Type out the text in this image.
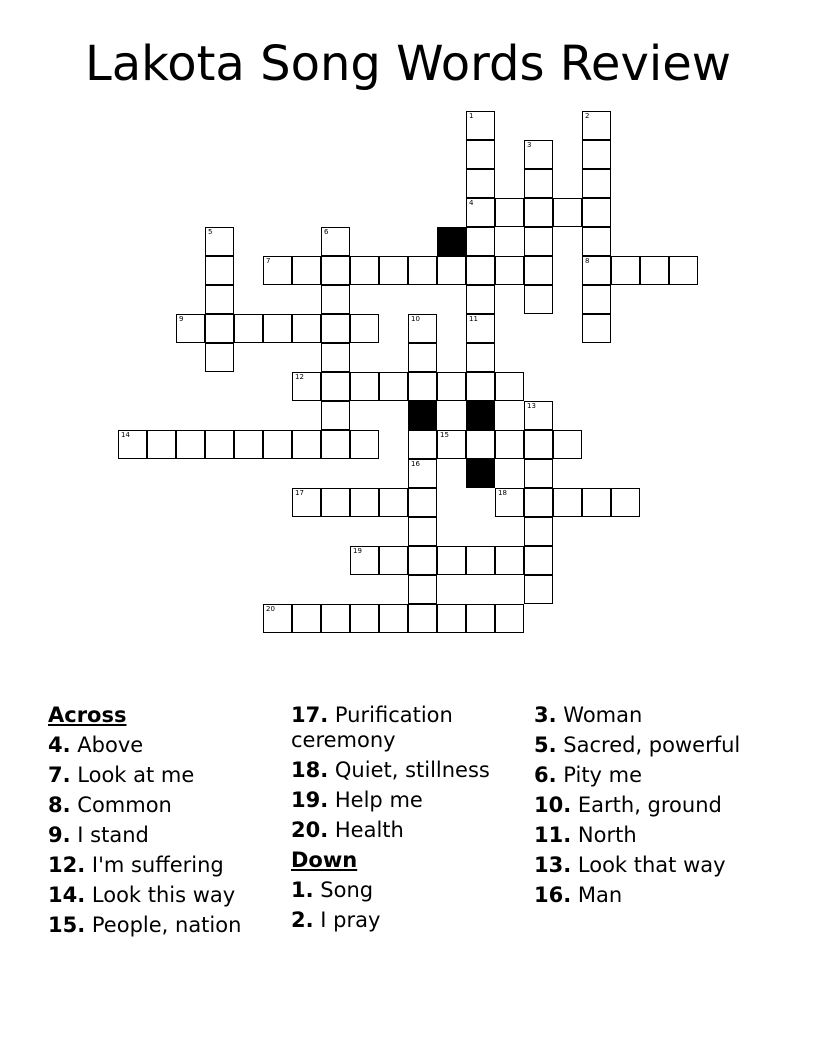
Lakota Song Words Review
1
4
2
8
3
5	6
7
9	10
16
11
12
13
14	15
17	18
19
20
Across
4. Above
7. Look at me
8. Common
9. I stand
12. I'm suffering
14. Look this way
15. People, nation
17. Purification ceremony
18. Quiet, stillness
19. Help me
20. Health
Down
1. Song
2. I pray
3. Woman
5. Sacred, powerful
6. Pity me
10. Earth, ground
11. North
13. Look that way
16. Man
